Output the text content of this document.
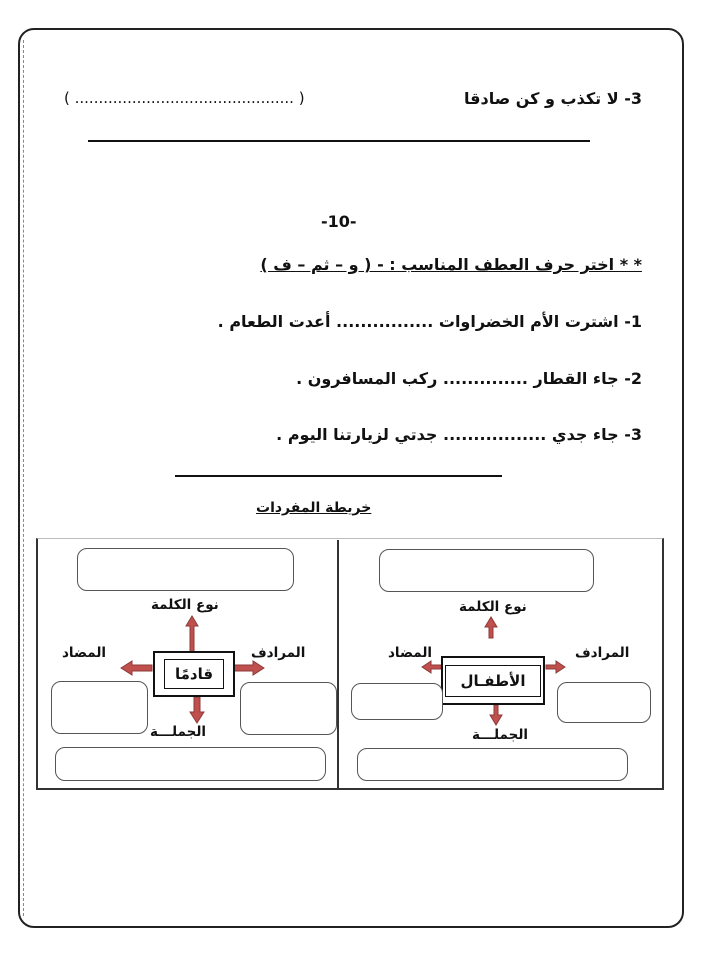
3- لا تكذب و كن صادقا
( .............................................. )
-10-
* * اختر حرف العطف المناسب : - ( و – ثم – ف )
1- اشترت الأم الخضراوات ................ أعدت الطعام .
2- جاء القطار .............. ركب المسافرون .
3- جاء جدي ................. جدتي لزيارتنا اليوم .
خريطة المفردات
نوع الكلمة
المرادف
المضاد
الأطفـال
الجملـــة
نوع الكلمة
المرادف
المضاد
قادمًا
الجملـــة
